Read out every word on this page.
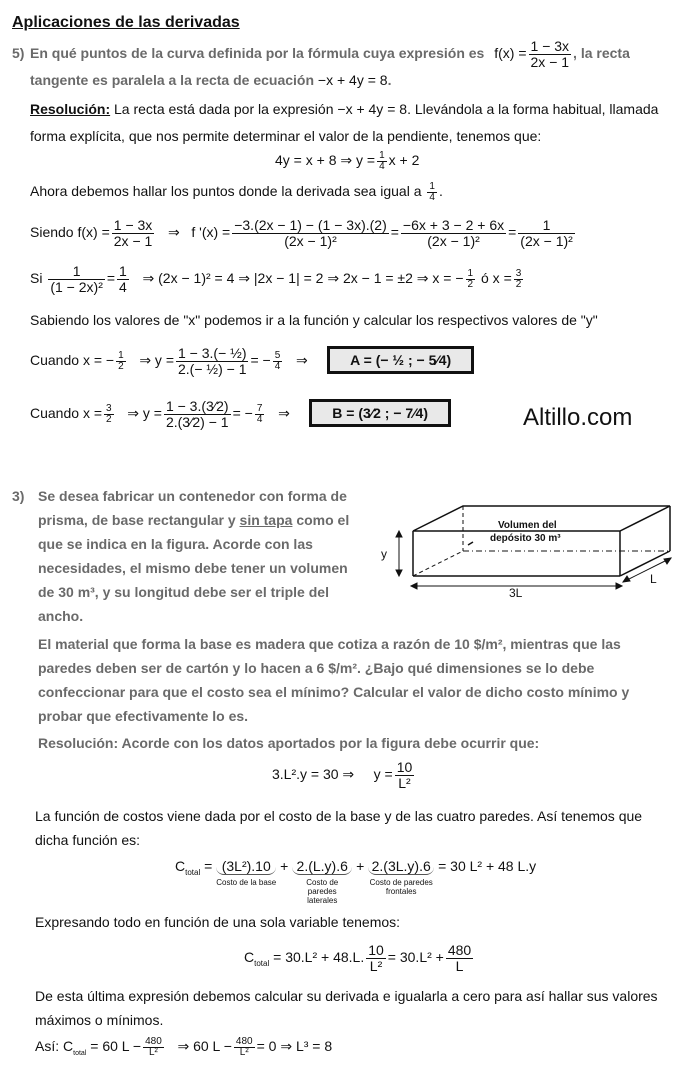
Aplicaciones de las derivadas
5) En qué puntos de la curva definida por la fórmula cuya expresión es $f(x) = \frac{1 - 3x}{2x - 1}$ , la recta
tangente es paralela a la recta de ecuación −x + 4y = 8.
Resolución: La recta está dada por la expresión −x + 4y = 8. Llevándola a la forma habitual, llamada
forma explícita, que nos permite determinar el valor de la pendiente, tenemos que:
4y = x + 8 ⇒ $y = \frac{1}{4}$ x + 2
Ahora debemos hallar los puntos donde la derivada sea igual a $\frac{1}{4}$ .
Siendo $f(x) = \frac{1 - 3x}{2x - 1}$ ⇒ f '$(x) = \frac{-3.(2x - 1) - (1 - 3x).(2)}{\text{(2x − 1)²}} = \frac{-6x + 3 - 2 + 6x}{\text{(2x − 1)²}} = \frac{1}{\text{(2x − 1)²}}$
Si $\frac{1}{\text{(1 − 2x)²}} = \frac{1}{4}$ ⇒ (2x − 1)² = 4 ⇒ |2x − 1| = 2 ⇒ 2x − 1 = ±2 ⇒ x = − $\frac{1}{2}$ ó $x = \frac{3}{2}$
Sabiendo los valores de "x" podemos ir a la función y calcular los respectivos valores de "y"
Cuando x = − $\frac{1}{2}$ ⇒ $y = \frac{\text{1 − 3.(− ½)}}{\text{2.(− ½) − 1}}$ = − $\frac{5}{4}$ ⇒	A = (− ½ ; − 5⁄4)
Cuando $x = \frac{3}{2}$ ⇒ $y = \frac{1 - 3.(3⁄2)}{2.(3⁄2) - 1}$ = − $\frac{7}{4}$ ⇒	B = (3⁄2 ; − 7⁄4)	Altillo.com
3) Se desea fabricar un contenedor con forma de
prisma, de base rectangular y sin tapa como el
que se indica en la figura. Acorde con las
necesidades, el mismo debe tener un volumen
de 30 m³, y su longitud debe ser el triple del
ancho.
Volumen del
depósito 30 m³
y
L
3L
El material que forma la base es madera que cotiza a razón de 10 $/m², mientras que las
paredes deben ser de cartón y lo hacen a 6 $/m². ¿Bajo qué dimensiones se lo debe
confeccionar para que el costo sea el mínimo? Calcular el valor de dicho costo mínimo y
probar que efectivamente lo es.
Resolución: Acorde con los datos aportados por la figura debe ocurrir que:
3.L².y = 30 ⇒ $y = \frac{10}{\text{L²}}$
La función de costos viene dada por el costo de la base y de las cuatro paredes. Así tenemos que
dicha función es:
$C_{total} = (3L^2).10$
Costo de la base
+ 2.(L.y).6
Costo de paredes laterales
+ 2.(3L.y).6
Costo de paredes frontales
= 30 L² + 48 L.y
Expresando todo en función de una sola variable tenemos:
$C_{total} = 30.L^2 + 48.L$. $\frac{10}{\text{L²}} = 30.L^2 + \frac{480}{L}$
De esta última expresión debemos calcular su derivada e igualarla a cero para así hallar sus valores
máximos o mínimos.
Así: $C_{total} = 60$ $L - \frac{480}{\text{L²}}$ ⇒ 60 $L - \frac{480}{\text{L²}} = 0$ ⇒ L³ = 8
